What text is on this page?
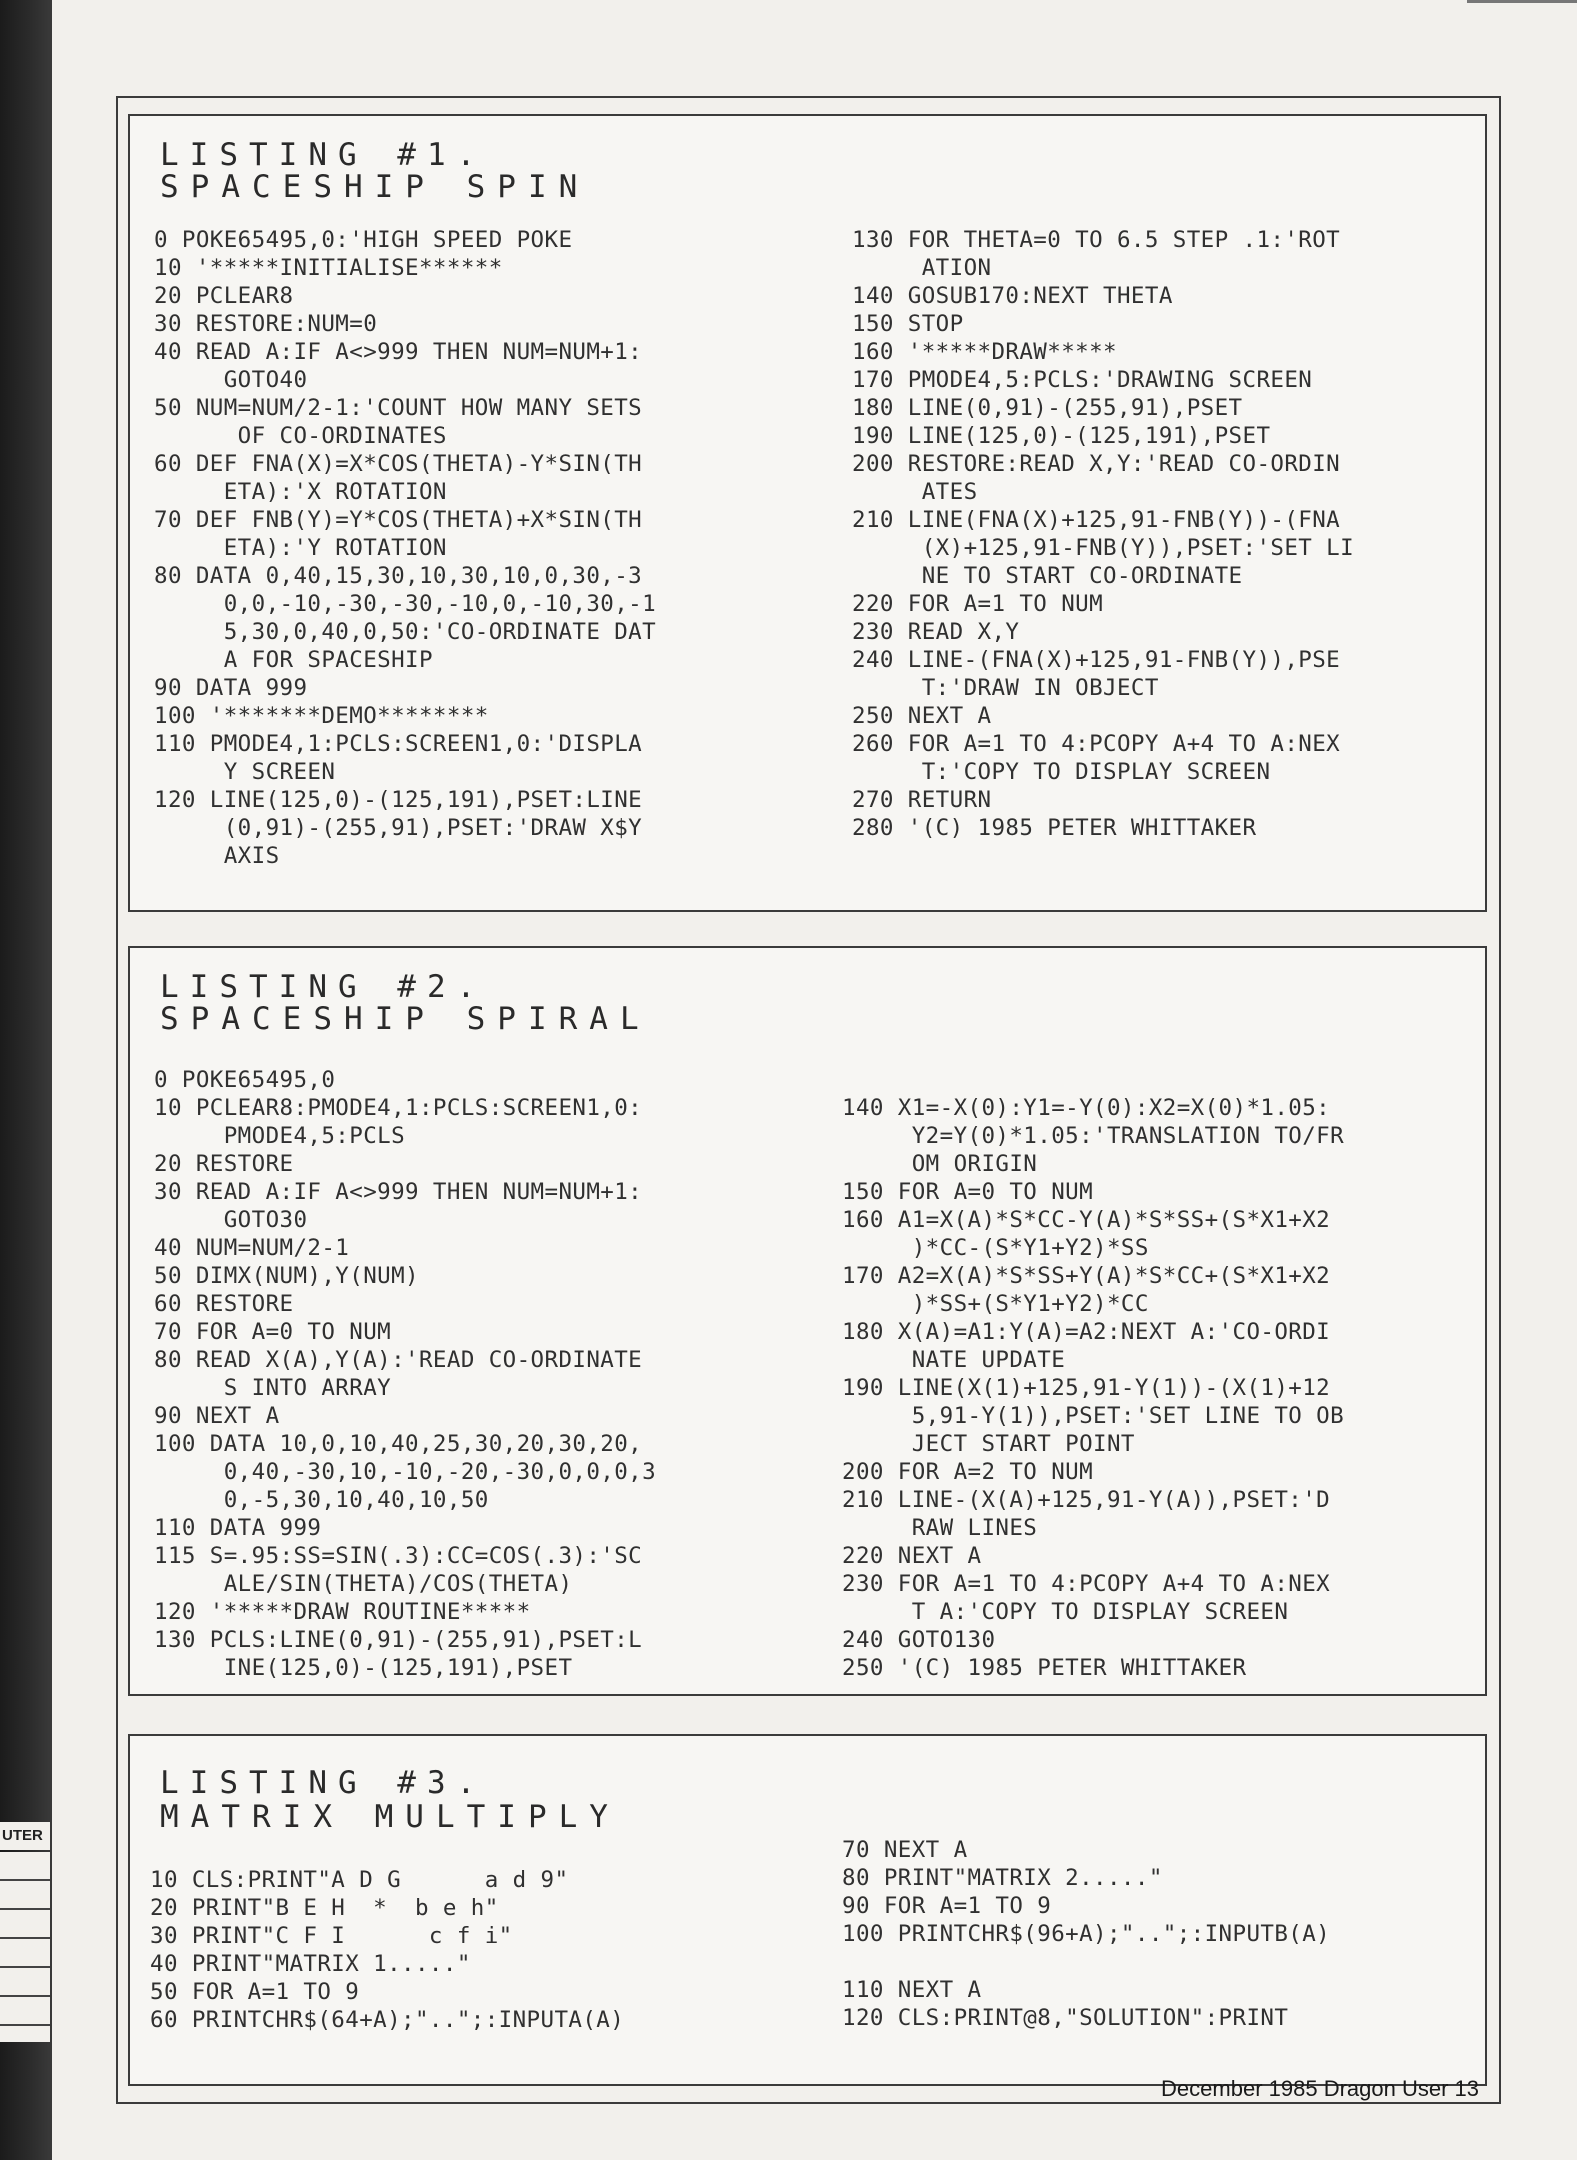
UTER
LISTING #1.
SPACESHIP SPIN
0 POKE65495,0:'HIGH SPEED POKE
10 '*****INITIALISE******
20 PCLEAR8
30 RESTORE:NUM=0
40 READ A:IF A<>999 THEN NUM=NUM+1:
GOTO40
50 NUM=NUM/2-1:'COUNT HOW MANY SETS
OF CO-ORDINATES
60 DEF FNA(X)=X*COS(THETA)-Y*SIN(TH
ETA):'X ROTATION
70 DEF FNB(Y)=Y*COS(THETA)+X*SIN(TH
ETA):'Y ROTATION
80 DATA 0,40,15,30,10,30,10,0,30,-3
0,0,-10,-30,-30,-10,0,-10,30,-1
5,30,0,40,0,50:'CO-ORDINATE DAT
A FOR SPACESHIP
90 DATA 999
100 '*******DEMO********
110 PMODE4,1:PCLS:SCREEN1,0:'DISPLA
Y SCREEN
120 LINE(125,0)-(125,191),PSET:LINE
(0,91)-(255,91),PSET:'DRAW X$Y
AXIS
130 FOR THETA=0 TO 6.5 STEP .1:'ROT
ATION
140 GOSUB170:NEXT THETA
150 STOP
160 '*****DRAW*****
170 PMODE4,5:PCLS:'DRAWING SCREEN
180 LINE(0,91)-(255,91),PSET
190 LINE(125,0)-(125,191),PSET
200 RESTORE:READ X,Y:'READ CO-ORDIN
ATES
210 LINE(FNA(X)+125,91-FNB(Y))-(FNA
(X)+125,91-FNB(Y)),PSET:'SET LI
NE TO START CO-ORDINATE
220 FOR A=1 TO NUM
230 READ X,Y
240 LINE-(FNA(X)+125,91-FNB(Y)),PSE
T:'DRAW IN OBJECT
250 NEXT A
260 FOR A=1 TO 4:PCOPY A+4 TO A:NEX
T:'COPY TO DISPLAY SCREEN
270 RETURN
280 '(C) 1985 PETER WHITTAKER
LISTING #2.
SPACESHIP SPIRAL
0 POKE65495,0
10 PCLEAR8:PMODE4,1:PCLS:SCREEN1,0:
PMODE4,5:PCLS
20 RESTORE
30 READ A:IF A<>999 THEN NUM=NUM+1:
GOTO30
40 NUM=NUM/2-1
50 DIMX(NUM),Y(NUM)
60 RESTORE
70 FOR A=0 TO NUM
80 READ X(A),Y(A):'READ CO-ORDINATE
S INTO ARRAY
90 NEXT A
100 DATA 10,0,10,40,25,30,20,30,20,
0,40,-30,10,-10,-20,-30,0,0,0,3
0,-5,30,10,40,10,50
110 DATA 999
115 S=.95:SS=SIN(.3):CC=COS(.3):'SC
ALE/SIN(THETA)/COS(THETA)
120 '*****DRAW ROUTINE*****
130 PCLS:LINE(0,91)-(255,91),PSET:L
INE(125,0)-(125,191),PSET
140 X1=-X(0):Y1=-Y(0):X2=X(0)*1.05:
Y2=Y(0)*1.05:'TRANSLATION TO/FR
OM ORIGIN
150 FOR A=0 TO NUM
160 A1=X(A)*S*CC-Y(A)*S*SS+(S*X1+X2
)*CC-(S*Y1+Y2)*SS
170 A2=X(A)*S*SS+Y(A)*S*CC+(S*X1+X2
)*SS+(S*Y1+Y2)*CC
180 X(A)=A1:Y(A)=A2:NEXT A:'CO-ORDI
NATE UPDATE
190 LINE(X(1)+125,91-Y(1))-(X(1)+12
5,91-Y(1)),PSET:'SET LINE TO OB
JECT START POINT
200 FOR A=2 TO NUM
210 LINE-(X(A)+125,91-Y(A)),PSET:'D
RAW LINES
220 NEXT A
230 FOR A=1 TO 4:PCOPY A+4 TO A:NEX
T A:'COPY TO DISPLAY SCREEN
240 GOTO130
250 '(C) 1985 PETER WHITTAKER
LISTING #3.
MATRIX MULTIPLY
10 CLS:PRINT"A D G      a d 9"
20 PRINT"B E H  *  b e h"
30 PRINT"C F I      c f i"
40 PRINT"MATRIX 1....."
50 FOR A=1 TO 9
60 PRINTCHR$(64+A);"..";:INPUTA(A)
70 NEXT A
80 PRINT"MATRIX 2....."
90 FOR A=1 TO 9
100 PRINTCHR$(96+A);"..";:INPUTB(A)
110 NEXT A
120 CLS:PRINT@8,"SOLUTION":PRINT
December 1985 Dragon User 13
